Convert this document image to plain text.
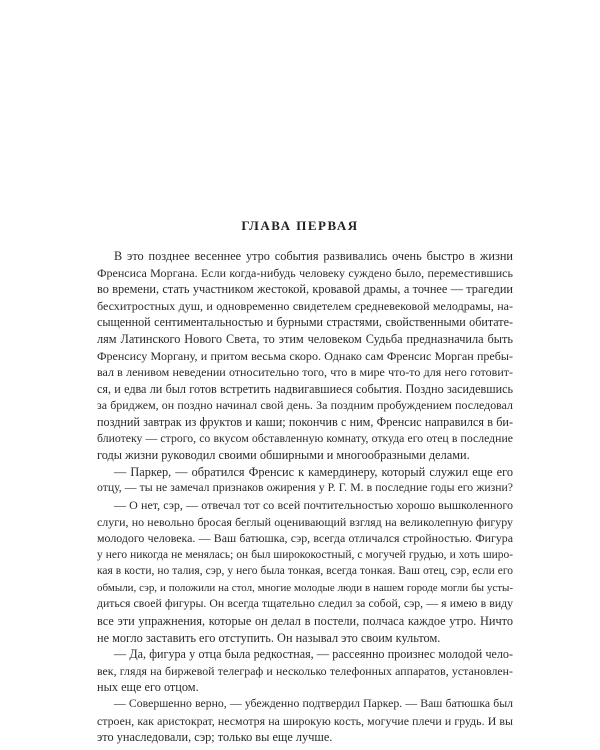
ГЛАВА ПЕРВАЯ
В это позднее весеннее утро события развивались очень быстро в жизни
Френсиса Моргана. Если когда-нибудь человеку суждено было, переместившись
во времени, стать участником жестокой, кровавой драмы, а точнее — трагедии
бесхитростных душ, и одновременно свидетелем средневековой мелодрамы, на-
сыщенной сентиментальностью и бурными страстями, свойственными обитате-
лям Латинского Нового Света, то этим человеком Судьба предназначила быть
Френсису Моргану, и притом весьма скоро. Однако сам Френсис Морган пребы-
вал в ленивом неведении относительно того, что в мире что-то для него готовит-
ся, и едва ли был готов встретить надвигавшиеся события. Поздно засидевшись
за бриджем, он поздно начинал свой день. За поздним пробуждением последовал
поздний завтрак из фруктов и каши; покончив с ним, Френсис направился в би-
блиотеку — строго, со вкусом обставленную комнату, откуда его отец в последние
годы жизни руководил своими обширными и многообразными делами.
— Паркер, — обратился Френсис к камердинеру, который служил еще его
отцу, — ты не замечал признаков ожирения у Р. Г. М. в последние годы его жизни?
— О нет, сэр, — отвечал тот со всей почтительностью хорошо вышколенного
слуги, но невольно бросая беглый оценивающий взгляд на великолепную фигуру
молодого человека. — Ваш батюшка, сэр, всегда отличался стройностью. Фигура
у него никогда не менялась; он был ширококостный, с могучей грудью, и хоть широ-
кая в кости, но талия, сэр, у него была тонкая, всегда тонкая. Ваш отец, сэр, если его
обмыли, сэр, и положили на стол, многие молодые люди в нашем городе могли бы усты-
диться своей фигуры. Он всегда тщательно следил за собой, сэр, — я имею в виду
все эти упражнения, которые он делал в постели, полчаса каждое утро. Ничто
не могло заставить его отступить. Он называл это своим культом.
— Да, фигура у отца была редкостная, — рассеянно произнес молодой чело-
век, глядя на биржевой телеграф и несколько телефонных аппаратов, установлен-
ных еще его отцом.
— Совершенно верно, — убежденно подтвердил Паркер. — Ваш батюшка был
строен, как аристократ, несмотря на широкую кость, могучие плечи и грудь. И вы
это унаследовали, сэр; только вы еще лучше.
